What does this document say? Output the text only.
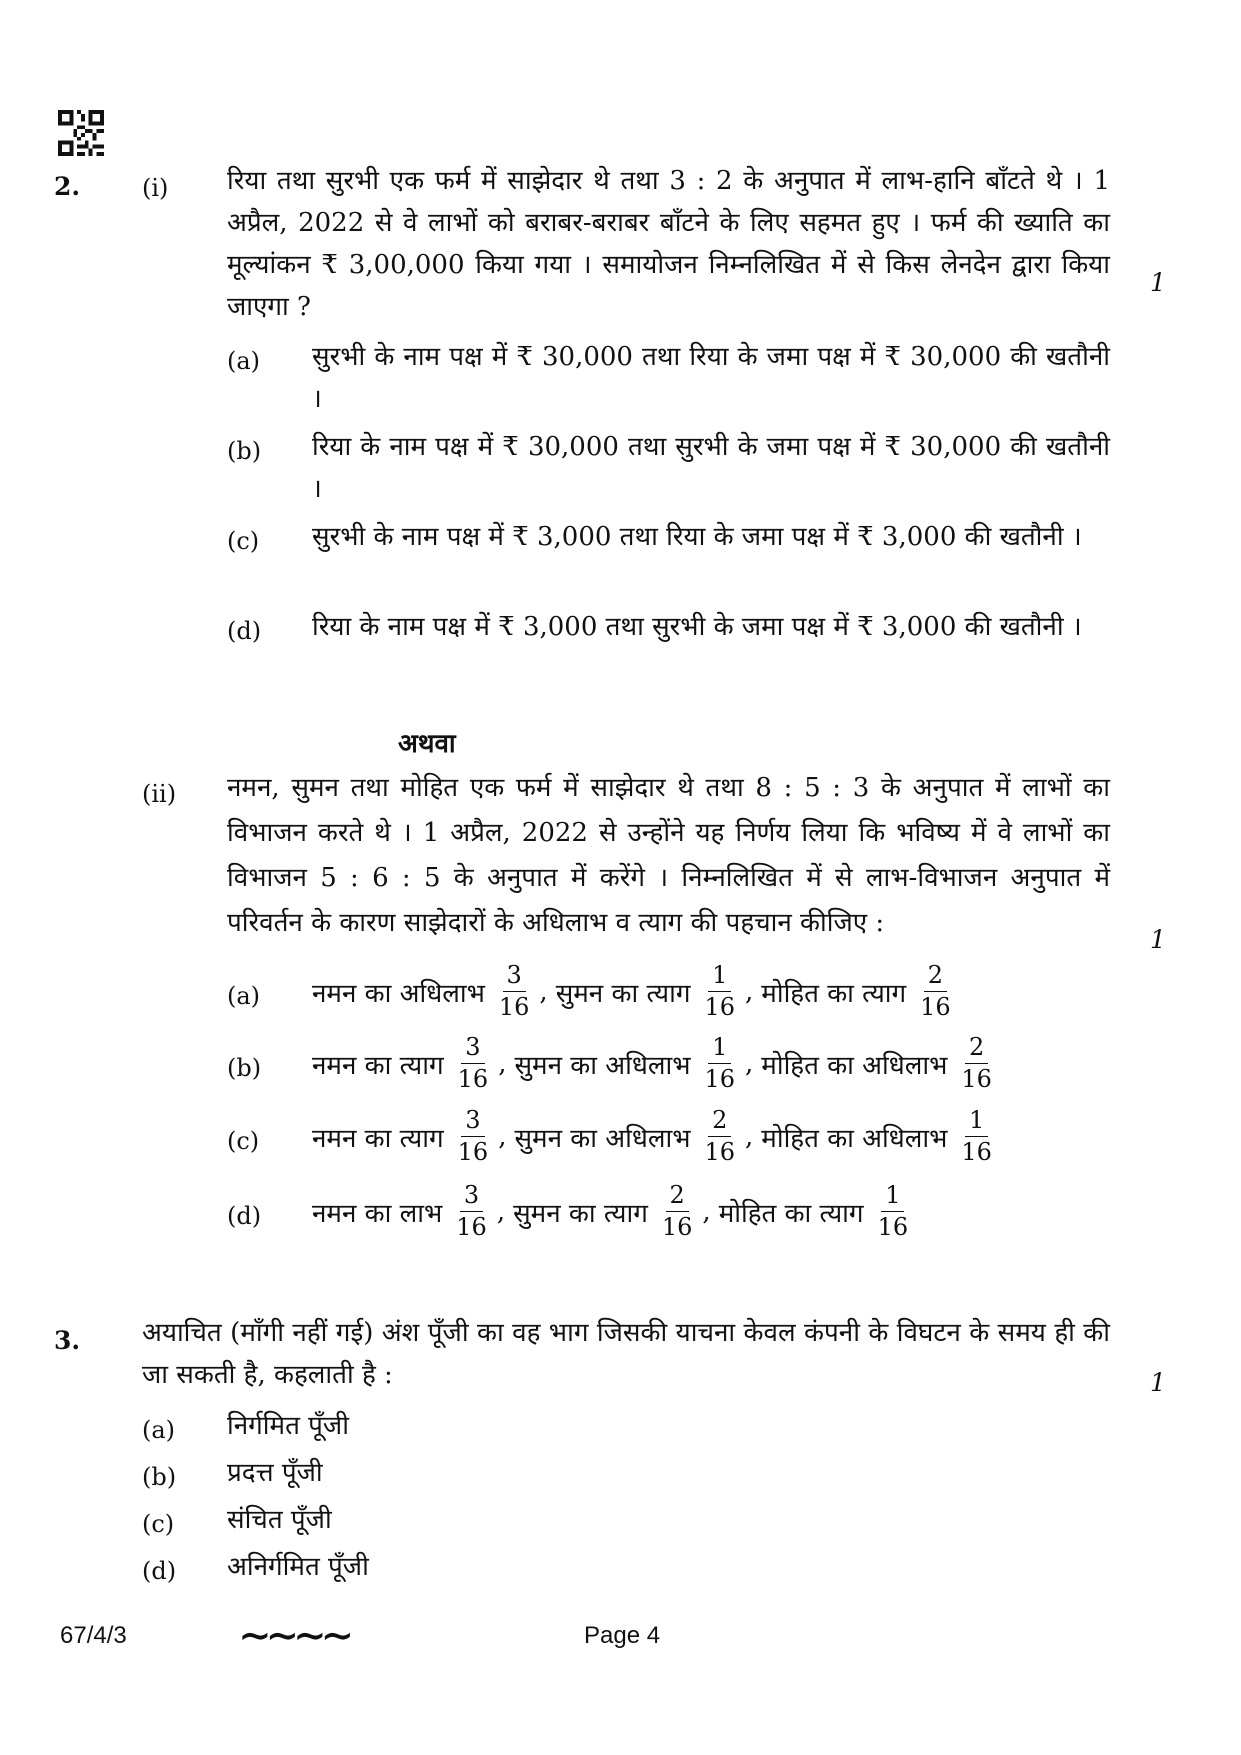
2.	(i) रिया तथा सुरभी एक फर्म में साझेदार थे तथा 3 : 2 के अनुपात में लाभ-हानि बाँटते थे । 1 अप्रैल, 2022 से वे लाभों को बराबर-बराबर बाँटने के लिए सहमत हुए । फर्म की ख्याति का मूल्यांकन ₹ 3,00,000 किया गया । समायोजन निम्नलिखित में से किस लेनदेन द्वारा किया जाएगा ?
1
(a) सुरभी के नाम पक्ष में ₹ 30,000 तथा रिया के जमा पक्ष में ₹ 30,000 की खतौनी ।
(b) रिया के नाम पक्ष में ₹ 30,000 तथा सुरभी के जमा पक्ष में ₹ 30,000 की खतौनी ।
(c) सुरभी के नाम पक्ष में ₹ 3,000 तथा रिया के जमा पक्ष में ₹ 3,000 की खतौनी ।
(d) रिया के नाम पक्ष में ₹ 3,000 तथा सुरभी के जमा पक्ष में ₹ 3,000 की खतौनी ।
अथवा
(ii) नमन, सुमन तथा मोहित एक फर्म में साझेदार थे तथा 8 : 5 : 3 के अनुपात में लाभों का विभाजन करते थे । 1 अप्रैल, 2022 से उन्होंने यह निर्णय लिया कि भविष्य में वे लाभों का विभाजन 5 : 6 : 5 के अनुपात में करेंगे । निम्नलिखित में से लाभ-विभाजन अनुपात में परिवर्तन के कारण साझेदारों के अधिलाभ व त्याग की पहचान कीजिए :
1
(a) नमन का अधिलाभ $\frac{3}{16}$ , सुमन का त्याग $\frac{1}{16}$ , मोहित का त्याग $\frac{2}{16}$
(b) नमन का त्याग $\frac{3}{16}$ , सुमन का अधिलाभ $\frac{1}{16}$ , मोहित का अधिलाभ $\frac{2}{16}$
(c) नमन का त्याग $\frac{3}{16}$ , सुमन का अधिलाभ $\frac{2}{16}$ , मोहित का अधिलाभ $\frac{1}{16}$
(d) नमन का लाभ $\frac{3}{16}$ , सुमन का त्याग $\frac{2}{16}$ , मोहित का त्याग $\frac{1}{16}$
3. अयाचित (माँगी नहीं गई) अंश पूँजी का वह भाग जिसकी याचना केवल कंपनी के विघटन के समय ही की जा सकती है, कहलाती है :	1
(a) निर्गमित पूँजी
(b) प्रदत्त पूँजी
(c) संचित पूँजी
(d) अनिर्गमित पूँजी
67/4/3	∼∼∼∼	Page 4
